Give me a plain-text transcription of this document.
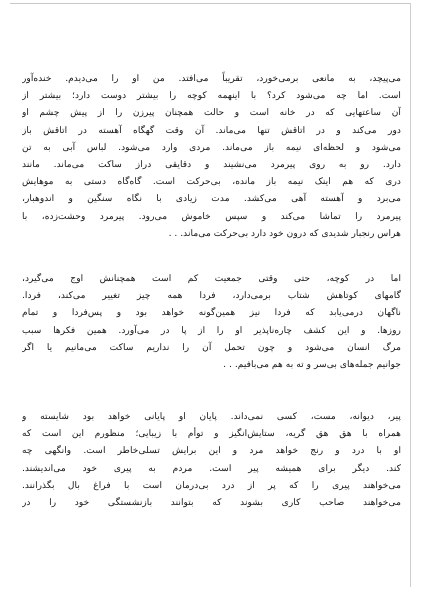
می‌پیچد، به مانعی برمی‌خورد، تقریباً می‌افتد. من او را می‌دیدم. خنده‌آور
است. اما چه می‌شود کرد؟ با اینهمه کوچه را بیشتر دوست دارد؛ بیشتر از
آن ساعتهایی که در خانه است و حالت همچنان پیرزن را از پیش چشم او
دور می‌کند و در اتاقش تنها می‌ماند. آن وقت گهگاه آهسته در اتاقش باز
می‌شود و لحظه‌ای نیمه باز می‌ماند. مردی وارد می‌شود. لباس آبی به تن
دارد. رو به روی پیرمرد می‌نشیند و دقایقی دراز ساکت می‌ماند. مانند
دری که هم اینک نیمه باز مانده، بی‌حرکت است. گاه‌گاه دستی به موهایش
می‌برد و آهسته آهی می‌کشد. مدت زیادی با نگاه سنگین و اندوهبار،
پیرمرد را تماشا می‌کند و سپس خاموش می‌رود. پیرمرد وحشت‌زده، با
هراس رنجبار شدیدی که درون خود دارد بی‌حرکت می‌ماند. . .
اما در کوچه، حتی وقتی جمعیت کم است همچنانش اوج می‌گیرد،
گامهای کوتاهش شتاب برمی‌دارد، فردا همه چیز تغییر می‌کند، فردا.
ناگهان درمی‌یابد که فردا نیز همین‌گونه خواهد بود و پس‌فردا و تمام
روزها. و این کشف چاره‌ناپذیر او را از پا در می‌آورد. همین فکرها سبب
مرگ انسان می‌شود و چون تحمل آن را نداریم ساکت می‌مانیم یا اگر
جوانیم جمله‌های بی‌سر و ته به هم می‌بافیم. . .
پیر، دیوانه، مست، کسی نمی‌داند. پایان او پایانی خواهد بود شایسته و
همراه با هق هق گریه، ستایش‌انگیز و توأم با زیبایی؛ منظورم این است که
او با درد و رنج خواهد مرد و این برایش تسلی‌خاطر است. وانگهی چه
کند. دیگر برای همیشه پیر است. مردم به پیری خود می‌اندیشند.
می‌خواهند پیری را که پر از درد بی‌درمان است با فراغ بال بگذرانند.
می‌خواهند صاحب کاری بشوند که بتوانند بازنشستگی خود را در
